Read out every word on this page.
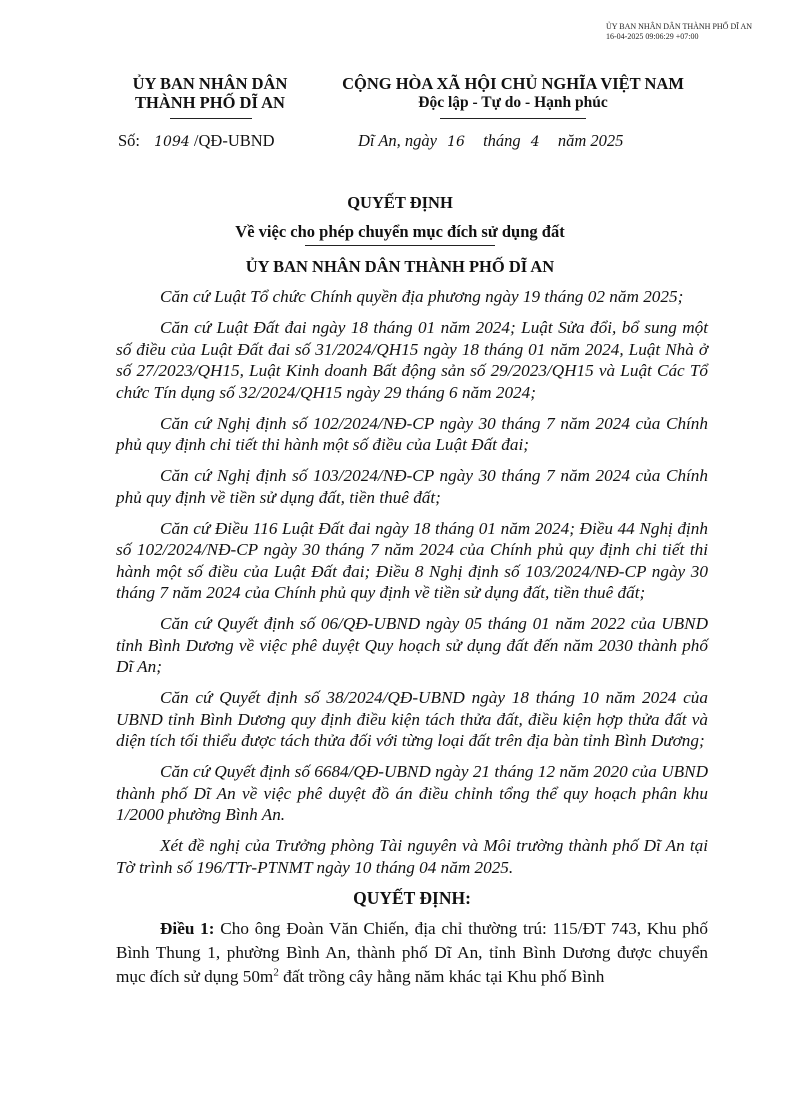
ỦY BAN NHÂN DÂN THÀNH PHỐ DĨ AN
16-04-2025 09:06:29 +07:00
ỦY BAN NHÂN DÂN
THÀNH PHỐ DĨ AN
CỘNG HÒA XÃ HỘI CHỦ NGHĨA VIỆT NAM
Độc lập - Tự do - Hạnh phúc
Số: 1094 /QĐ-UBND	Dĩ An, ngày 16 tháng 4 năm 2025
QUYẾT ĐỊNH
Về việc cho phép chuyển mục đích sử dụng đất
ỦY BAN NHÂN DÂN THÀNH PHỐ DĨ AN

Căn cứ Luật Tổ chức Chính quyền địa phương ngày 19 tháng 02 năm 2025;

Căn cứ Luật Đất đai ngày 18 tháng 01 năm 2024; Luật Sửa đổi, bổ sung một số điều của Luật Đất đai số 31/2024/QH15 ngày 18 tháng 01 năm 2024, Luật Nhà ở số 27/2023/QH15, Luật Kinh doanh Bất động sản số 29/2023/QH15 và Luật Các Tổ chức Tín dụng số 32/2024/QH15 ngày 29 tháng 6 năm 2024;

Căn cứ Nghị định số 102/2024/NĐ-CP ngày 30 tháng 7 năm 2024 của Chính phủ quy định chi tiết thi hành một số điều của Luật Đất đai;

Căn cứ Nghị định số 103/2024/NĐ-CP ngày 30 tháng 7 năm 2024 của Chính phủ quy định về tiền sử dụng đất, tiền thuê đất;

Căn cứ Điều 116 Luật Đất đai ngày 18 tháng 01 năm 2024; Điều 44 Nghị định số 102/2024/NĐ-CP ngày 30 tháng 7 năm 2024 của Chính phủ quy định chi tiết thi hành một số điều của Luật Đất đai; Điều 8 Nghị định số 103/2024/NĐ-CP ngày 30 tháng 7 năm 2024 của Chính phủ quy định về tiền sử dụng đất, tiền thuê đất;

Căn cứ Quyết định số 06/QĐ-UBND ngày 05 tháng 01 năm 2022 của UBND tỉnh Bình Dương về việc phê duyệt Quy hoạch sử dụng đất đến năm 2030 thành phố Dĩ An;

Căn cứ Quyết định số 38/2024/QĐ-UBND ngày 18 tháng 10 năm 2024 của UBND tỉnh Bình Dương quy định điều kiện tách thửa đất, điều kiện hợp thửa đất và diện tích tối thiểu được tách thửa đối với từng loại đất trên địa bàn tỉnh Bình Dương;

Căn cứ Quyết định số 6684/QĐ-UBND ngày 21 tháng 12 năm 2020 của UBND thành phố Dĩ An về việc phê duyệt đồ án điều chỉnh tổng thể quy hoạch phân khu 1/2000 phường Bình An.

Xét đề nghị của Trưởng phòng Tài nguyên và Môi trường thành phố Dĩ An tại Tờ trình số 196/TTr-PTNMT ngày 10 tháng 04 năm 2025.

QUYẾT ĐỊNH:
Điều 1: Cho ông Đoàn Văn Chiến, địa chỉ thường trú: 115/ĐT 743, Khu phố Bình Thung 1, phường Bình An, thành phố Dĩ An, tỉnh Bình Dương được chuyển mục đích sử dụng $50m^2$ đất trồng cây hằng năm khác tại Khu phố Bình
